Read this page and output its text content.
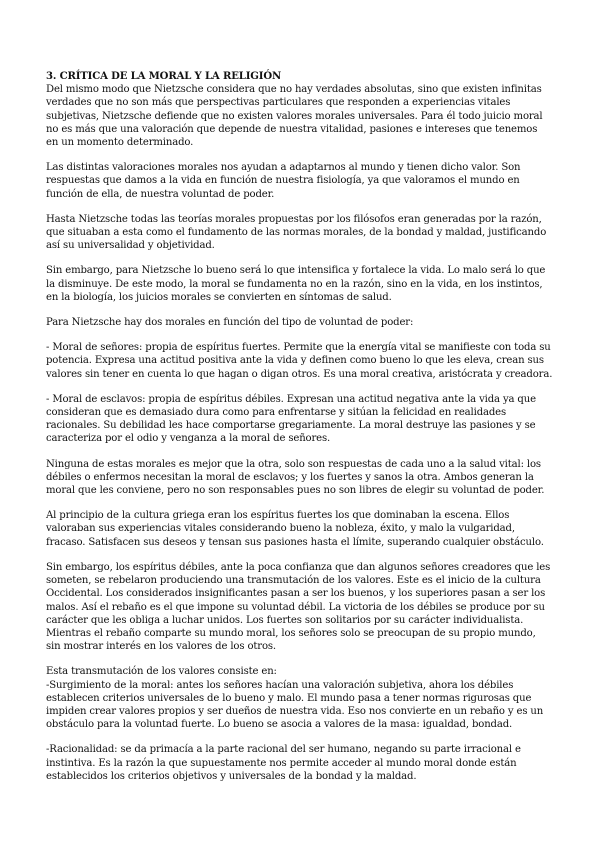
3. CRÍTICA DE LA MORAL Y LA RELIGIÓN

Del mismo modo que Nietzsche considera que no hay verdades absolutas, sino que existen infinitas
verdades que no son más que perspectivas particulares que responden a experiencias vitales
subjetivas, Nietzsche defiende que no existen valores morales universales. Para él todo juicio moral
no es más que una valoración que depende de nuestra vitalidad, pasiones e intereses que tenemos
en un momento determinado.

Las distintas valoraciones morales nos ayudan a adaptarnos al mundo y tienen dicho valor. Son
respuestas que damos a la vida en función de nuestra fisiología, ya que valoramos el mundo en
función de ella, de nuestra voluntad de poder.

Hasta Nietzsche todas las teorías morales propuestas por los filósofos eran generadas por la razón,
que situaban a esta como el fundamento de las normas morales, de la bondad y maldad, justificando
así su universalidad y objetividad.

Sin embargo, para Nietzsche lo bueno será lo que intensifica y fortalece la vida. Lo malo será lo que
la disminuye. De este modo, la moral se fundamenta no en la razón, sino en la vida, en los instintos,
en la biología, los juicios morales se convierten en síntomas de salud.

Para Nietzsche hay dos morales en función del tipo de voluntad de poder:

- Moral de señores: propia de espíritus fuertes. Permite que la energía vital se manifieste con toda su
potencia. Expresa una actitud positiva ante la vida y definen como bueno lo que les eleva, crean sus
valores sin tener en cuenta lo que hagan o digan otros. Es una moral creativa, aristócrata y creadora.

- Moral de esclavos: propia de espíritus débiles. Expresan una actitud negativa ante la vida ya que
consideran que es demasiado dura como para enfrentarse y sitúan la felicidad en realidades
racionales. Su debilidad les hace comportarse gregariamente. La moral destruye las pasiones y se
caracteriza por el odio y venganza a la moral de señores.

Ninguna de estas morales es mejor que la otra, solo son respuestas de cada uno a la salud vital: los
débiles o enfermos necesitan la moral de esclavos; y los fuertes y sanos la otra. Ambos generan la
moral que les conviene, pero no son responsables pues no son libres de elegir su voluntad de poder.

Al principio de la cultura griega eran los espíritus fuertes los que dominaban la escena. Ellos
valoraban sus experiencias vitales considerando bueno la nobleza, éxito, y malo la vulgaridad,
fracaso. Satisfacen sus deseos y tensan sus pasiones hasta el límite, superando cualquier obstáculo.

Sin embargo, los espíritus débiles, ante la poca confianza que dan algunos señores creadores que les
someten, se rebelaron produciendo una transmutación de los valores. Este es el inicio de la cultura
Occidental. Los considerados insignificantes pasan a ser los buenos, y los superiores pasan a ser los
malos. Así el rebaño es el que impone su voluntad débil. La victoria de los débiles se produce por su
carácter que les obliga a luchar unidos. Los fuertes son solitarios por su carácter individualista.
Mientras el rebaño comparte su mundo moral, los señores solo se preocupan de su propio mundo,
sin mostrar interés en los valores de los otros.

Esta transmutación de los valores consiste en:
-Surgimiento de la moral: antes los señores hacían una valoración subjetiva, ahora los débiles
establecen criterios universales de lo bueno y malo. El mundo pasa a tener normas rigurosas que
impiden crear valores propios y ser dueños de nuestra vida. Eso nos convierte en un rebaño y es un
obstáculo para la voluntad fuerte. Lo bueno se asocia a valores de la masa: igualdad, bondad.

-Racionalidad: se da primacía a la parte racional del ser humano, negando su parte irracional e
instintiva. Es la razón la que supuestamente nos permite acceder al mundo moral donde están
establecidos los criterios objetivos y universales de la bondad y la maldad.
